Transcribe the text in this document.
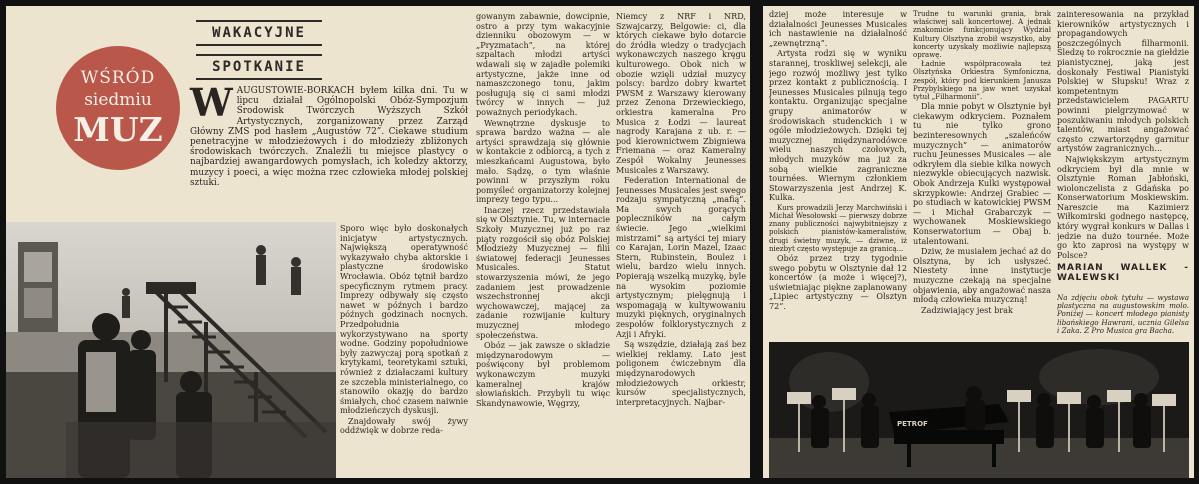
WAKACYJNE
SPOTKANIE
WŚRÓD
siedmiu
MUZ
W AUGUSTOWIE-BORKACH byłem kilka dni. Tu w lipcu działał Ogólnopolski Obóz-Sympozjum Środowisk Twórczych Wyższych Szkół Artystycznych, zorganizowany przez Zarząd Główny ZMS pod hasłem „Augustów 72”. Ciekawe studium penetracyjne w młodzieżowych i do młodzieży zbliżonych środowiskach twórczych. Znaleźli tu miejsce plastycy o najbardziej awangardowych pomysłach, ich koledzy aktorzy, muzycy i poeci, a więc można rzec człowieka młodej polskiej sztuki.

Sporo więc było doskonałych inicjatyw artystycznych. Największą operatywność wykazywało chyba aktorskie i plastyczne środowisko Wrocławia. Obóz tętnił bardzo specyficznym rytmem pracy. Imprezy odbywały się często nawet w późnych i bardzo późnych godzinach nocnych. Przedpołudnia wykorzystywano na sporty wodne. Godziny popołudniowe były zazwyczaj porą spotkań z krytykami, teoretykami sztuki, również z działaczami kultury ze szczebla ministerialnego, co stanowiło okazję do bardzo śmiałych, choć czasem naiwnie młodzieńczych dyskusji.

Znajdowały swój żywy oddźwięk w dobrze reda-

gowanym zabawnie, dowcipnie, ostro a przy tym wakacyjnie dzienniku obozowym — w „Pryzmatach”, na której szpaltach młodzi artyści wdawali się w zajadłe polemiki artystyczne, jakże inne od namaszczonego tonu, jakim posługują się ci sami młodzi twórcy w innych — już poważnych periodykach.

Wewnętrzne dyskusje to sprawa bardzo ważna — ale artyści sprawdzają się głównie w kontakcie z odbiorcą, a tych z mieszkańcami Augustowa, było mało. Sądzę, o tym właśnie powinni w przyszłym roku pomyśleć organizatorzy kolejnej imprezy tego typu...

Inaczej rzecz przedstawiała się w Olsztynie. Tu, w internacie Szkoły Muzycznej już po raz piąty rozgościł się obóz Polskiej Młodzieży Muzycznej — filii światowej federacji Jeunesses Musicales. Statut stowarzyszenia mówi, że jego zadaniem jest prowadzenie wszechstronnej akcji wychowawczej, mającej za zadanie rozwijanie kultury muzycznej młodego społeczeństwa.

Obóz — jak zawsze o składzie międzynarodowym — poświęcony był problemom wykonawczym muzyki kameralnej krajów słowiańskich. Przybyli tu więc Skandynawowie, Węgrzy,

Niemcy z NRF i NRD, Szwajcarzy, Belgowie: ci, dla których ciekawe było dotarcie do źródła wiedzy o tradycjach wykonawczych naszego kręgu kulturowego. Obok nich w obozie wzięli udział muzycy polscy: bardzo dobry kwartet PWSM z Warszawy kierowany przez Zenona Drzewieckiego, orkiestra kameralna Pro Musica z Łodzi — laureat nagrody Karajana z ub. r. — pod kierownictwem Zbigniewa Friemana — oraz Kameralny Zespół Wokalny Jeunesses Musicales z Warszawy.

Federation International de Jeunesses Musicales jest swego rodzaju sympatyczną „mafią”. Ma swych gorących popleczników na całym świecie. Jego „wielkimi mistrzami” są artyści tej miary co Karajan, Lorin Mazel, Izaac Stern, Rubinstein, Boulez i wielu, bardzo wielu innych. Popierają wszelką muzykę, byle na wysokim poziomie artystycznym; pielęgnują i wspomagają w kultywowaniu muzyki pięknych, oryginalnych zespołów folklorystycznych z Azji i Afryki.

Są wszędzie, działają zaś bez wielkiej reklamy. Lato jest poligonem ćwiczebnym dla międzynarodowych młodzieżowych orkiestr, kursów specjalistycznych, interpretacyjnych. Najbar-

dziej może interesuje w działalności Jeunesses Musicales ich nastawienie na działalność „zewnętrzną”.

Artysta rodzi się w wyniku starannej, troskliwej selekcji, ale jego rozwój możliwy jest tylko przez kontakt z publicznością. I Jeunesses Musicales pilnują tego kontaktu. Organizując specjalne grupy animatorów w środowiskach studenckich i w ogóle młodzieżowych. Dzięki tej muzycznej międzynarodówce wielu naszych czołowych, młodych muzyków ma już za sobą wielkie zagraniczne tournées. Wiernym członkiem Stowarzyszenia jest Andrzej K. Kulka.

Kurs prowadzili Jerzy Marchwiński i Michał Wesołowski — pierwszy dobrze znany publiczności najwybitniejszy z polskich pianistów-kameralistów, drugi świetny muzyk, — dziwne, iż niezbyt często występuje za granicą...

Obóz przez trzy tygodnie swego pobytu w Olsztynie dał 12 koncertów (a może i więcej?), uświetniając piękne zaplanowany „Lipiec artystyczny — Olsztyn 72”.

Trudne tu warunki grania, brak właściwej sali koncertowej. A jednak znakomicie funkcjonujący Wydział Kultury Olsztyna zrobił wszystko, aby koncerty uzyskały możliwie najlepszą oprawę.

Ładnie współpracowała też Olsztyńska Orkiestra Symfoniczna, zespół, który pod kierunkiem Janusza Przybylskiego na jaw wnet uzyskał tytuł „Filharmonii”.

Dla mnie pobyt w Olsztynie był ciekawym odkryciem. Poznałem tu nie tylko grono bezinteresownych „szaleńców muzycznych” — animatorów ruchu Jeunesses Musicales — ale odkryłem dla siebie kilka nowych niezwykle obiecujących nazwisk. Obok Andrzeja Kulki występował skrzypkowie: Andrzej Grabiec — po studiach w katowickiej PWSM — i Michał Grabarczyk — wychowanek Moskiewskiego Konserwatorium — Obaj b. utalentowani.

Dziw, że musiałem jechać aż do Olsztyna, by ich usłyszeć. Niestety inne instytucje muzyczne czekają na specjalne objawienia, aby angażować nasza młodą człowieka muzyczną!

Zadziwiający jest brak

zainteresowania na przykład kierowników artystycznych i propagandowych poszczególnych filharmonii. Śledzę to rokrocznie na giełdzie pianistycznej, jaką jest doskonały Festiwal Pianistyki Polskiej w Słupsku! Wraz z kompetentnym przedstawicielem PAGARTU powinni pielgrzymować w poszukiwaniu młodych polskich talentów, miast angażować często czwartorzędny garnitur artystów zagranicznych...

Najwiękskzym artystycznym odkryciem był dla mnie w Olsztynie Roman Jabłoński, wiolonczelista z Gdańska po Konserwatorium Moskiewskim. Nareszcie ma Kazimierz Wiłkomirski godnego następcę, który wygrał konkurs w Dallas i jedzie na dużo tournée. Może go kto zaprosi na występy w Polsce?

MARIAN WALLEK - WALEWSKI
Na zdjęciu obok tytułu — wystawa plastyczna na augustowskim molo. Poniżej — koncert młodego pianisty libańskiego Hawrani, ucznia Gilelsa i Zaka. Z Pro Musica gra Bacha.
PETROF
